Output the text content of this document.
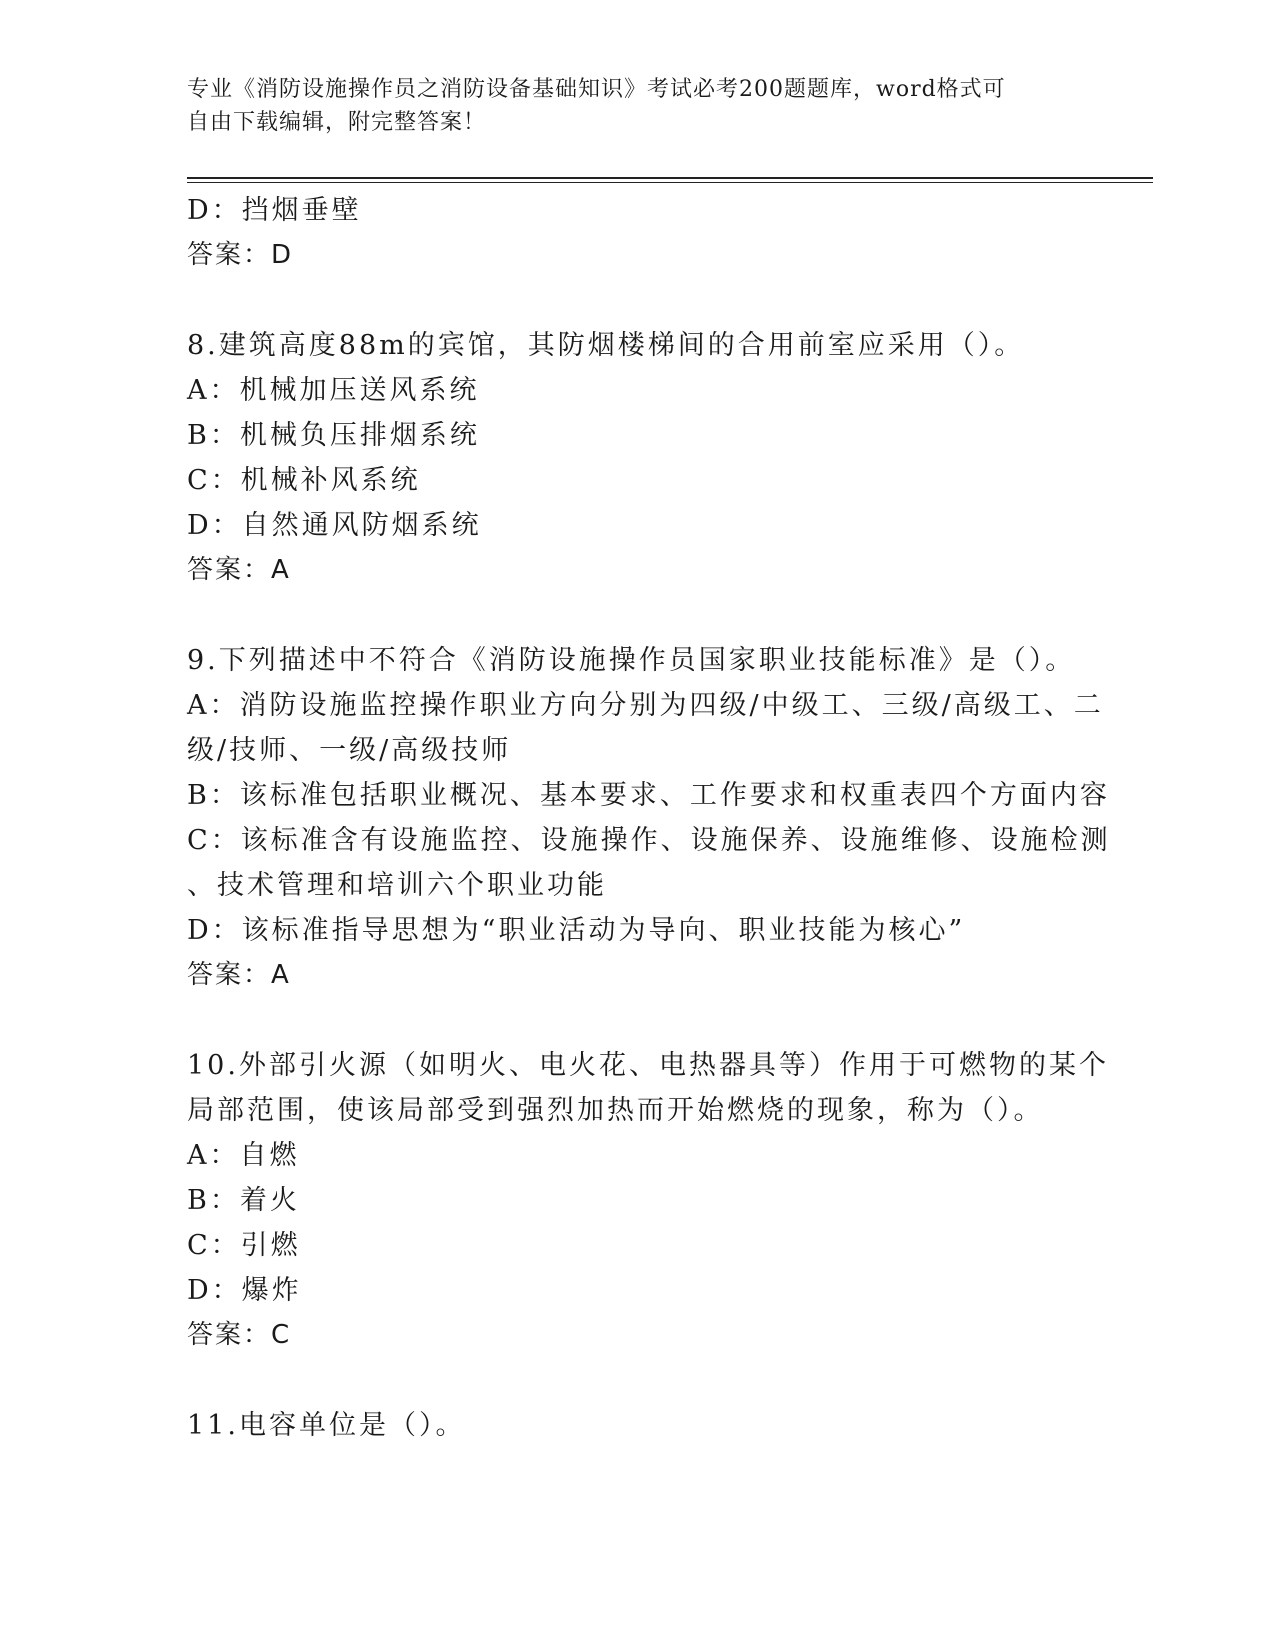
专业《消防设施操作员之消防设备基础知识》考试必考200题题库，word格式可
自由下载编辑，附完整答案！
D：挡烟垂壁
答案：D
8.建筑高度88m的宾馆，其防烟楼梯间的合用前室应采用（）。
A：机械加压送风系统
B：机械负压排烟系统
C：机械补风系统
D：自然通风防烟系统
答案：A
9.下列描述中不符合《消防设施操作员国家职业技能标准》是（）。
A：消防设施监控操作职业方向分别为四级/中级工、三级/高级工、二
级/技师、一级/高级技师
B：该标准包括职业概况、基本要求、工作要求和权重表四个方面内容
C：该标准含有设施监控、设施操作、设施保养、设施维修、设施检测
、技术管理和培训六个职业功能
D：该标准指导思想为“职业活动为导向、职业技能为核心”
答案：A
10.外部引火源（如明火、电火花、电热器具等）作用于可燃物的某个
局部范围，使该局部受到强烈加热而开始燃烧的现象，称为（）。
A：自燃
B：着火
C：引燃
D：爆炸
答案：C
11.电容单位是（）。
